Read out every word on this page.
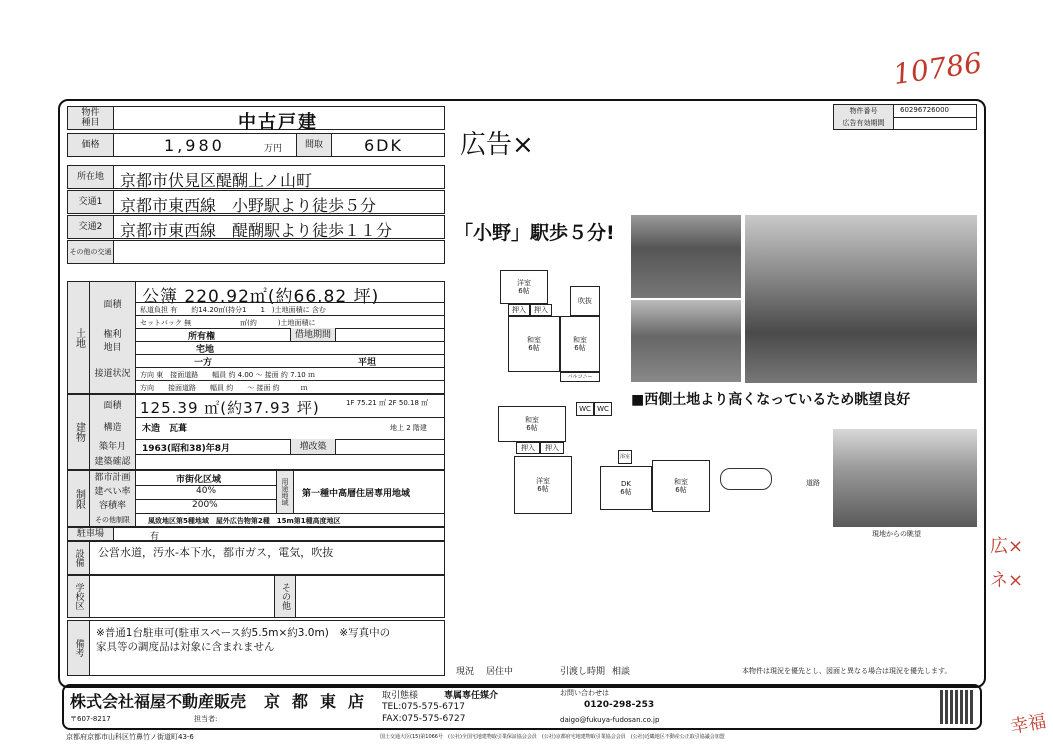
10786
広×
ネ×
幸福
物件
種目	中古戸建
価格	1,980	万円	間取	6DK
所在地	京都市伏見区醍醐上ノ山町
交通1	京都市東西線　小野駅より徒歩５分
交通2	京都市東西線　醍醐駅より徒歩１１分
その他の交通
土地
面積	公簿 220.92㎡(約66.82 坪)
私道負担 有　　約14.20㎡(持分1　　1　)土地面積に 含む
セットバック 無　　　　　　　㎡(約　　　)土地面積に
権利	所有権	借地期間
地目	宅地
接道状況
一方	平坦
方向 東　接面道路　　幅員 約 4.00 ～ 接面 約 7.10 ｍ
方向　　接面道路　　幅員 約　　～ 接面 約　　　ｍ
建物
面積	125.39 ㎡(約37.93 坪)	1F 75.21 ㎡ 2F 50.18 ㎡
構造	木造　瓦葺	地上 2 階建
築年月	1963(昭和38)年8月	増改築
建築確認
制限
都市計画	市街化区域
建ぺい率	40%
容積率	200%	用途地域	第一種中高層住居専用地域
その他制限	風致地区第5種地域　屋外広告物第2種　15m第1種高度地区
駐車場	有
設備	公営水道，汚水-本下水，都市ガス，電気，吹抜
学校区	その他
備考
※普通1台駐車可(駐車スペース約5.5m×約3.0m)　※写真中の
家具等の調度品は対象に含まれません
物件番号	60296726000
広告有効期間
広告×
「小野」駅歩５分!
現地からの眺望
■西側土地より高くなっているため眺望良好
洋室
6帖
押入	押入
和室
6帖
和室
6帖
吹抜
バルコニー
和室
6帖
WC WC
押入	押入
洋室
6帖
DK
6帖
和室
6帖
浴室
道路
現況 居住中	引渡し時期 相談	本物件は現況を優先とし、図面と異なる場合は現況を優先します。
株式会社福屋不動産販売 京都東店
〒607-8217	担当者:
取引態様	専属専任媒介
TEL:075-575-6717
FAX:075-575-6727
お問い合わせは
0120-298-253
daigo@fukuya-fudosan.co.jp
京都府京都市山科区竹鼻竹ノ街道町43-6	国土交通大臣(15)第1066号　(公社)全国宅地建物取引業保証協会会員　(公社)京都府宅地建物取引業協会会員　(公社)近畿地区不動産公正取引協議会加盟
